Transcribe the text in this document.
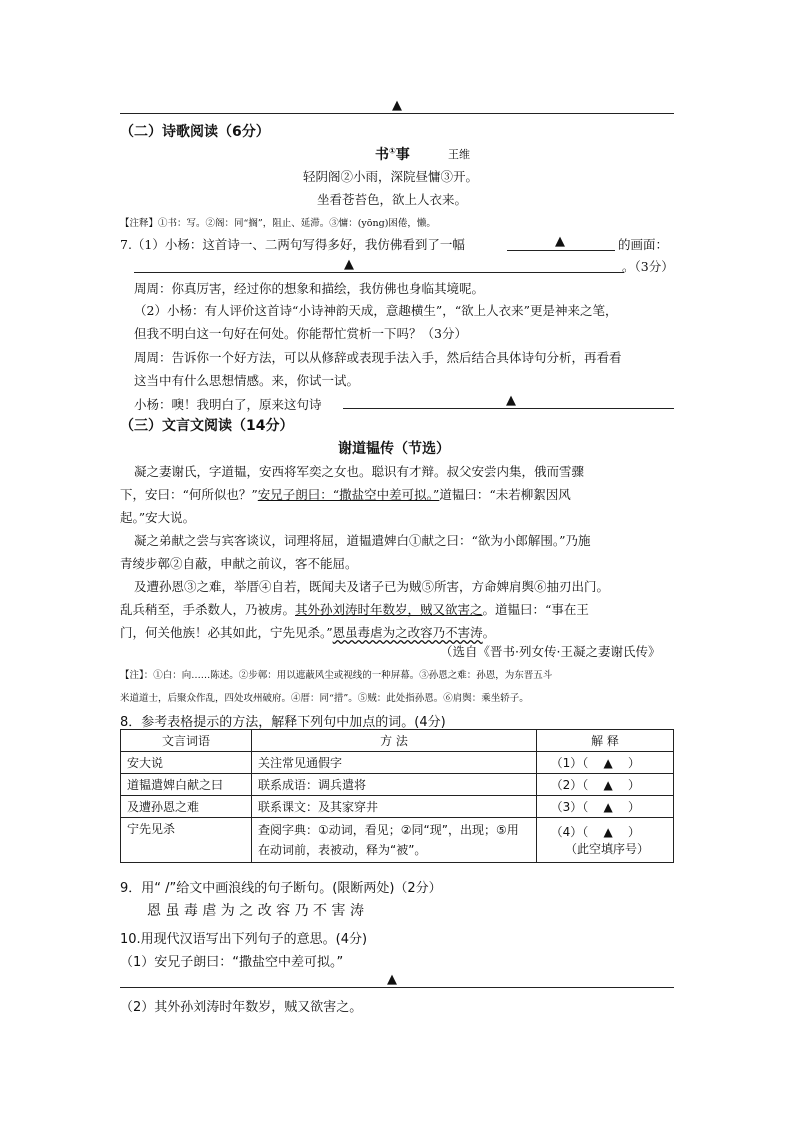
▲
（二）诗歌阅读（6分）
书①事	王维
轻阴阁②小雨，深院昼慵③开。
坐看苍苔色，欲上人衣来。
【注释】①书：写。②阁：同“搁”，阻止、延滞。③慵：(yōng)困倦，懒。
7.（1）小杨：这首诗一、二两句写得多好，我仿佛看到了一幅	▲	的画面：
▲	。（3分）
周周：你真厉害，经过你的想象和描绘，我仿佛也身临其境呢。
（2）小杨：有人评价这首诗“小诗神韵天成，意趣横生”，“欲上人衣来”更是神来之笔，
但我不明白这一句好在何处。你能帮忙赏析一下吗？（3分）
周周：告诉你一个好方法，可以从修辞或表现手法入手，然后结合具体诗句分析，再看看
这当中有什么思想情感。来，你试一试。
小杨：噢！我明白了，原来这句诗	▲
（三）文言文阅读（14分）
谢道韫传（节选）
凝之妻谢氏，字道韫，安西将军奕之女也。聪识有才辩。叔父安尝内集，俄而雪骤
下，安曰：“何所似也？”安兄子朗曰：“撒盐空中差可拟。”道韫曰：“未若柳絮因风
起。”安大说。
凝之弟献之尝与宾客谈议，词理将屈，道韫遣婢白①献之曰：“欲为小郎解围。”乃施
青绫步鄣②自蔽，申献之前议，客不能屈。
及遭孙恩③之难，举厝④自若，既闻夫及诸子已为贼⑤所害，方命婢肩舆⑥抽刃出门。
乱兵稍至，手杀数人，乃被虏。其外孙刘涛时年数岁，贼又欲害之。道韫曰：“事在王
门，何关他族！必其如此，宁先见杀。”恩虽毒虐为之改容乃不害涛。
（选自《晋书·列女传·王凝之妻谢氏传》
【注】：①白：向……陈述。②步鄣：用以遮蔽风尘或视线的一种屏幕。③孙恩之难：孙恩，为东晋五斗
米道道士，后聚众作乱，四处攻州破府。④厝：同“措”。⑤贼：此处指孙恩。⑥肩舆：乘坐轿子。
8．参考表格提示的方法，解释下列句中加点的词。(4分)
文言词语	方 法	解 释
安大说	关注常见通假字	（1）（ ▲ ）
道韫遣婢白献之曰	联系成语：调兵遣将	（2）（ ▲ ）
及遭孙恩之难	联系课文：及其家穿井	（3）（ ▲ ）
宁先见杀	查阅字典：①动词，看见；②同“现”，出现；⑤用在动词前，表被动，释为“被”。	（4）（ ▲ ）
（此空填序号）
9．用“ /”给文中画浪线的句子断句。(限断两处)（2分）
恩 虽 毒 虐 为 之 改 容 乃 不 害 涛
10.用现代汉语写出下列句子的意思。(4分)
（1）安兄子朗曰：“撒盐空中差可拟。”
▲
（2）其外孙刘涛时年数岁，贼又欲害之。
